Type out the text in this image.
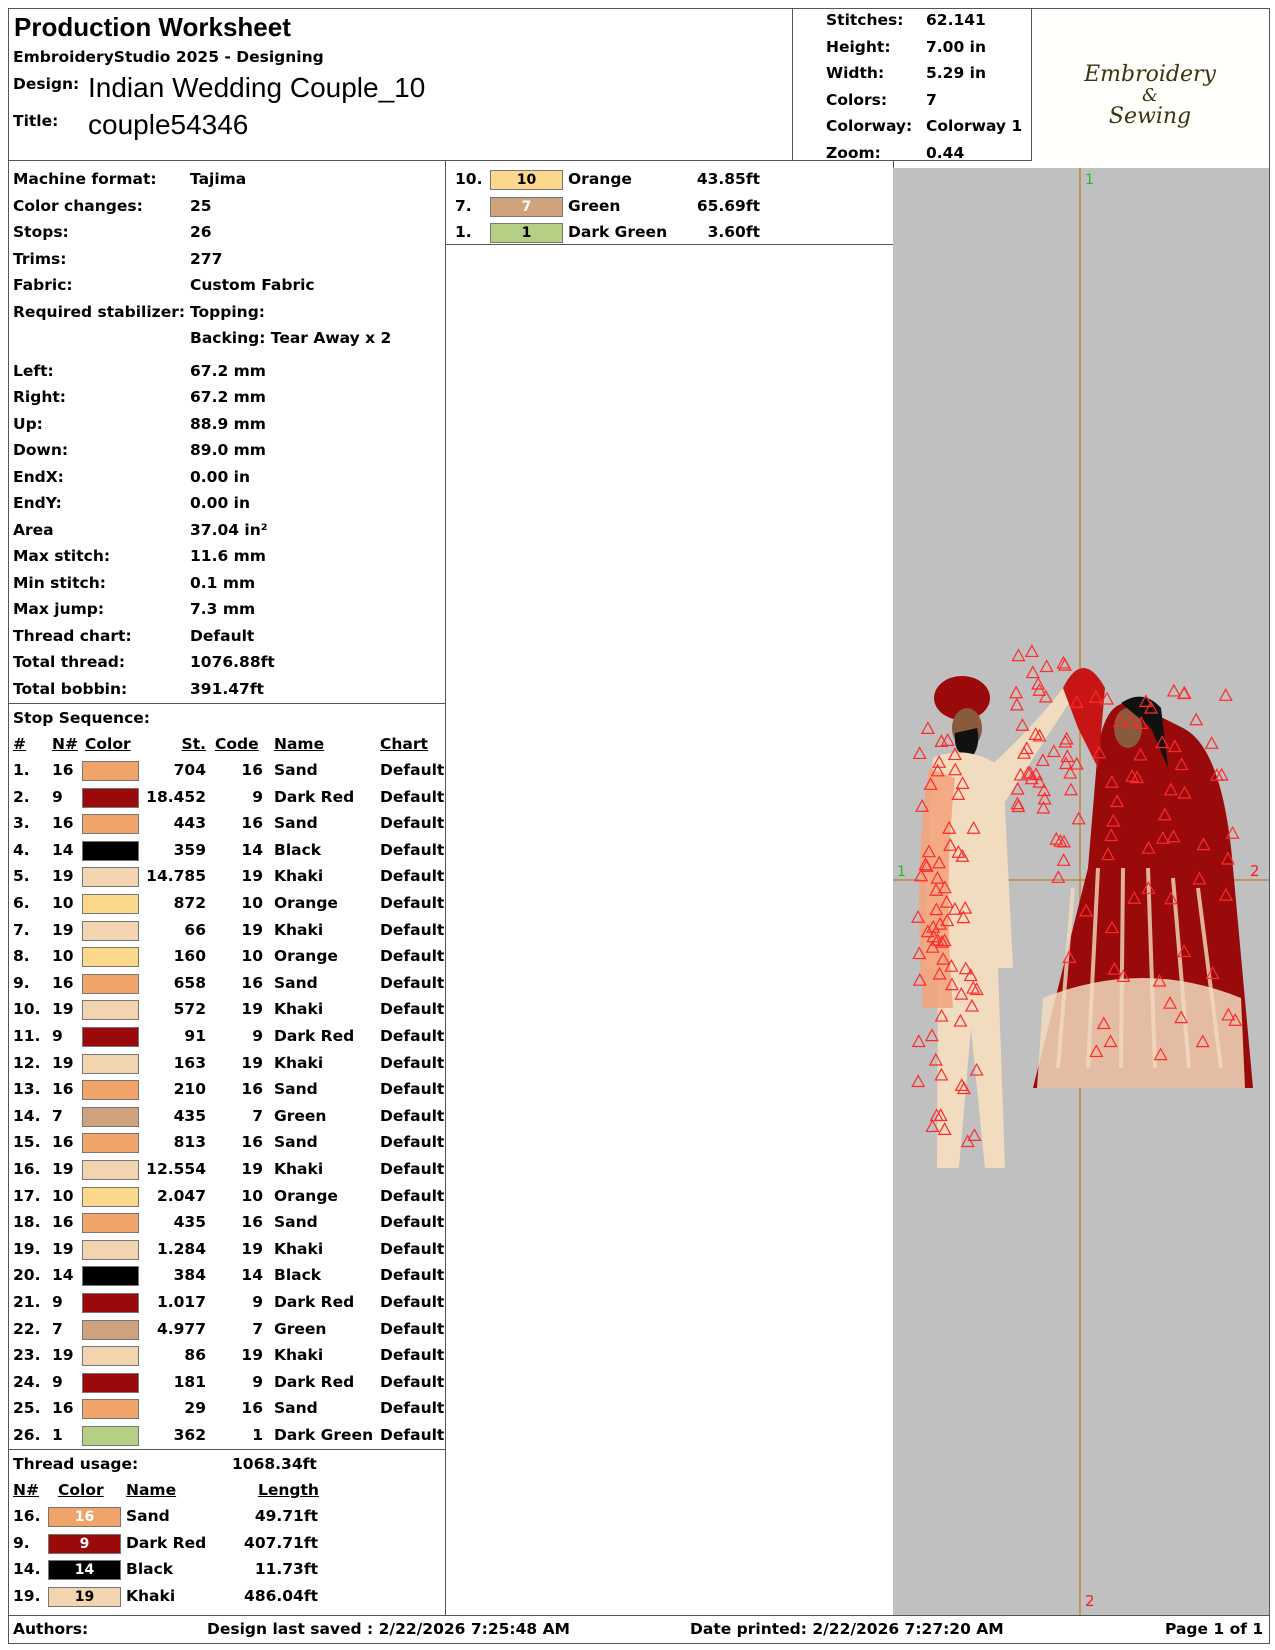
Production Worksheet
EmbroideryStudio 2025 - Designing
Design: Indian Wedding Couple_10
Title: couple54346
Stitches: 62.141
Height: 7.00 in
Width:	5.29 in
Colors:	7
Colorway: Colorway 1
Zoom:	0.44
Embroidery
&
Sewing
Machine format: Tajima
Color changes:	25
Stops:	26
Trims:	277
Fabric:	Custom Fabric
Required stabilizer: Topping:
Backing: Tear Away x 2
Left:	67.2 mm
Right:	67.2 mm
Up:	88.9 mm
Down:	89.0 mm
EndX:	0.00 in
EndY:	0.00 in
Area	37.04 in²
Max stitch:	11.6 mm
Min stitch:	0.1 mm
Max jump:	7.3 mm
Thread chart:	Default
Total thread:	1076.88ft
Total bobbin:	391.47ft
Stop Sequence:
# N# Color	St. Code Name	Chart
1. 16	704	16 Sand	Default
2. 9	18.452	9 Dark Red Default
3. 16	443	16 Sand	Default
4. 14	359	14 Black	Default
5. 19	14.785	19 Khaki	Default
6. 10	872	10 Orange	Default
7. 19	66	19 Khaki	Default
8. 10	160	10 Orange	Default
9. 16	658	16 Sand	Default
10. 19	572	19 Khaki	Default
11. 9	91	9 Dark Red Default
12. 19	163	19 Khaki	Default
13. 16	210	16 Sand	Default
14. 7	435	7 Green	Default
15. 16	813	16 Sand	Default
16. 19	12.554	19 Khaki	Default
17. 10	2.047	10 Orange	Default
18. 16	435	16 Sand	Default
19. 19	1.284	19 Khaki	Default
20. 14	384	14 Black	Default
21. 9	1.017	9 Dark Red Default
22. 7	4.977	7 Green	Default
23. 19	86	19 Khaki	Default
24. 9	181	9 Dark Red Default
25. 16	29	16 Sand	Default
26. 1	362	1 Dark Green Default
Thread usage:	1068.34ft
N# Color Name	Length
16.	16	Sand	49.71ft
9.	9	Dark Red	407.71ft
14.	14	Black	11.73ft
19.	19	Khaki	486.04ft
10.	10	Orange	43.85ft
7.	7	Green	65.69ft
1.	1	Dark Green	3.60ft
1
1	2
2
Authors:	Design last saved : 2/22/2026 7:25:48 AM	Date printed: 2/22/2026 7:27:20 AM	Page 1 of 1
